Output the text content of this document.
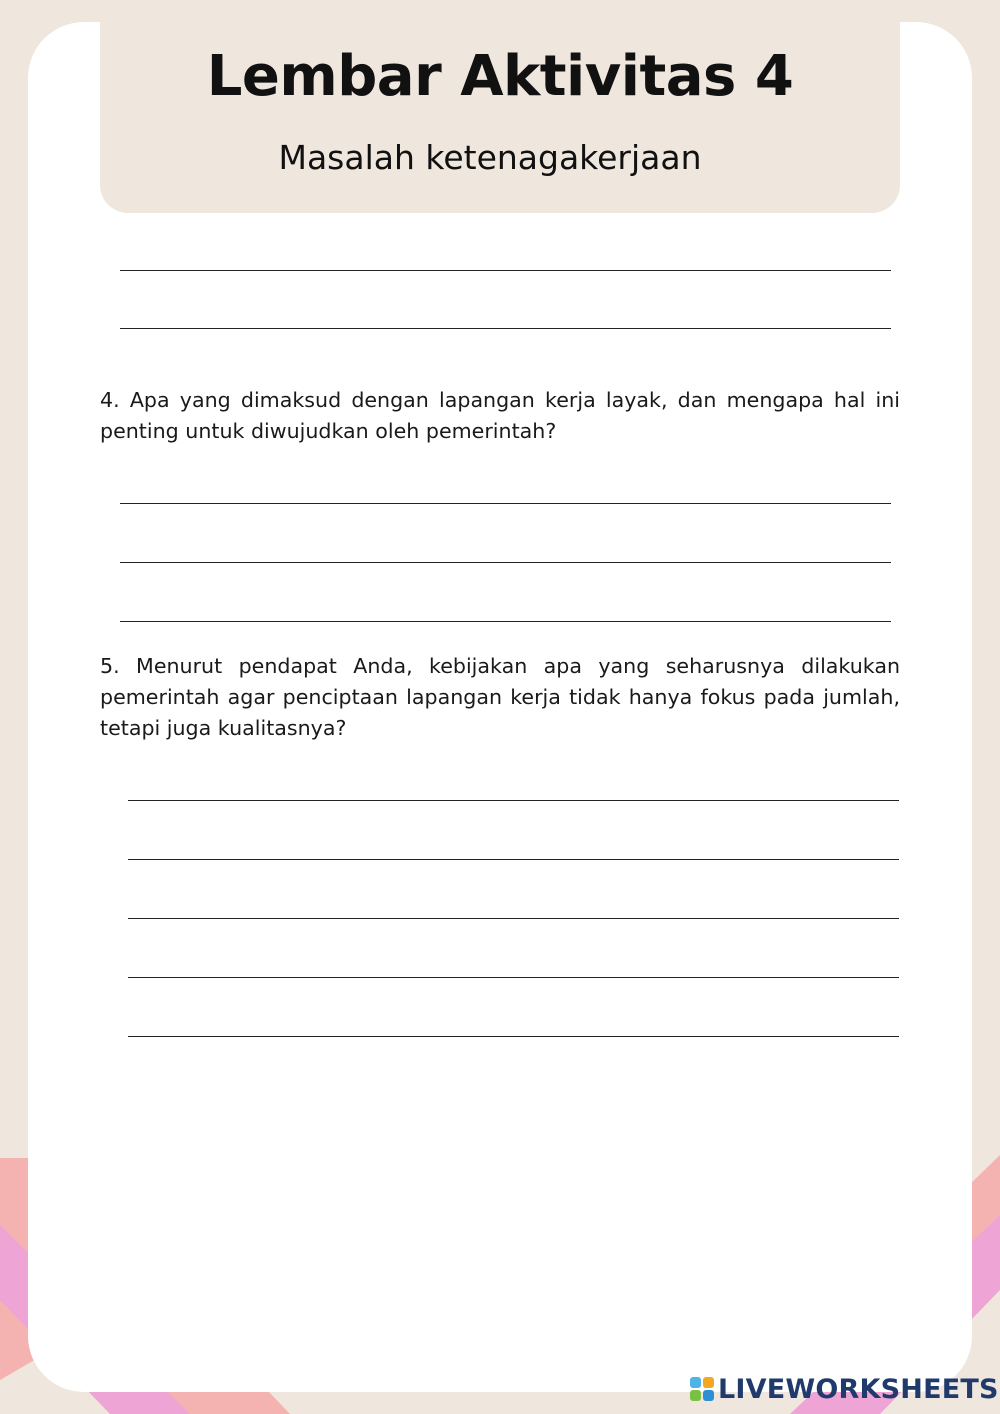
Lembar Aktivitas 4
Masalah ketenagakerjaan
4. Apa yang dimaksud dengan lapangan kerja layak, dan mengapa hal ini
penting untuk diwujudkan oleh pemerintah?
5. Menurut pendapat Anda, kebijakan apa yang seharusnya dilakukan
pemerintah agar penciptaan lapangan kerja tidak hanya fokus pada jumlah,
tetapi juga kualitasnya?
LIVEWORKSHEETS
